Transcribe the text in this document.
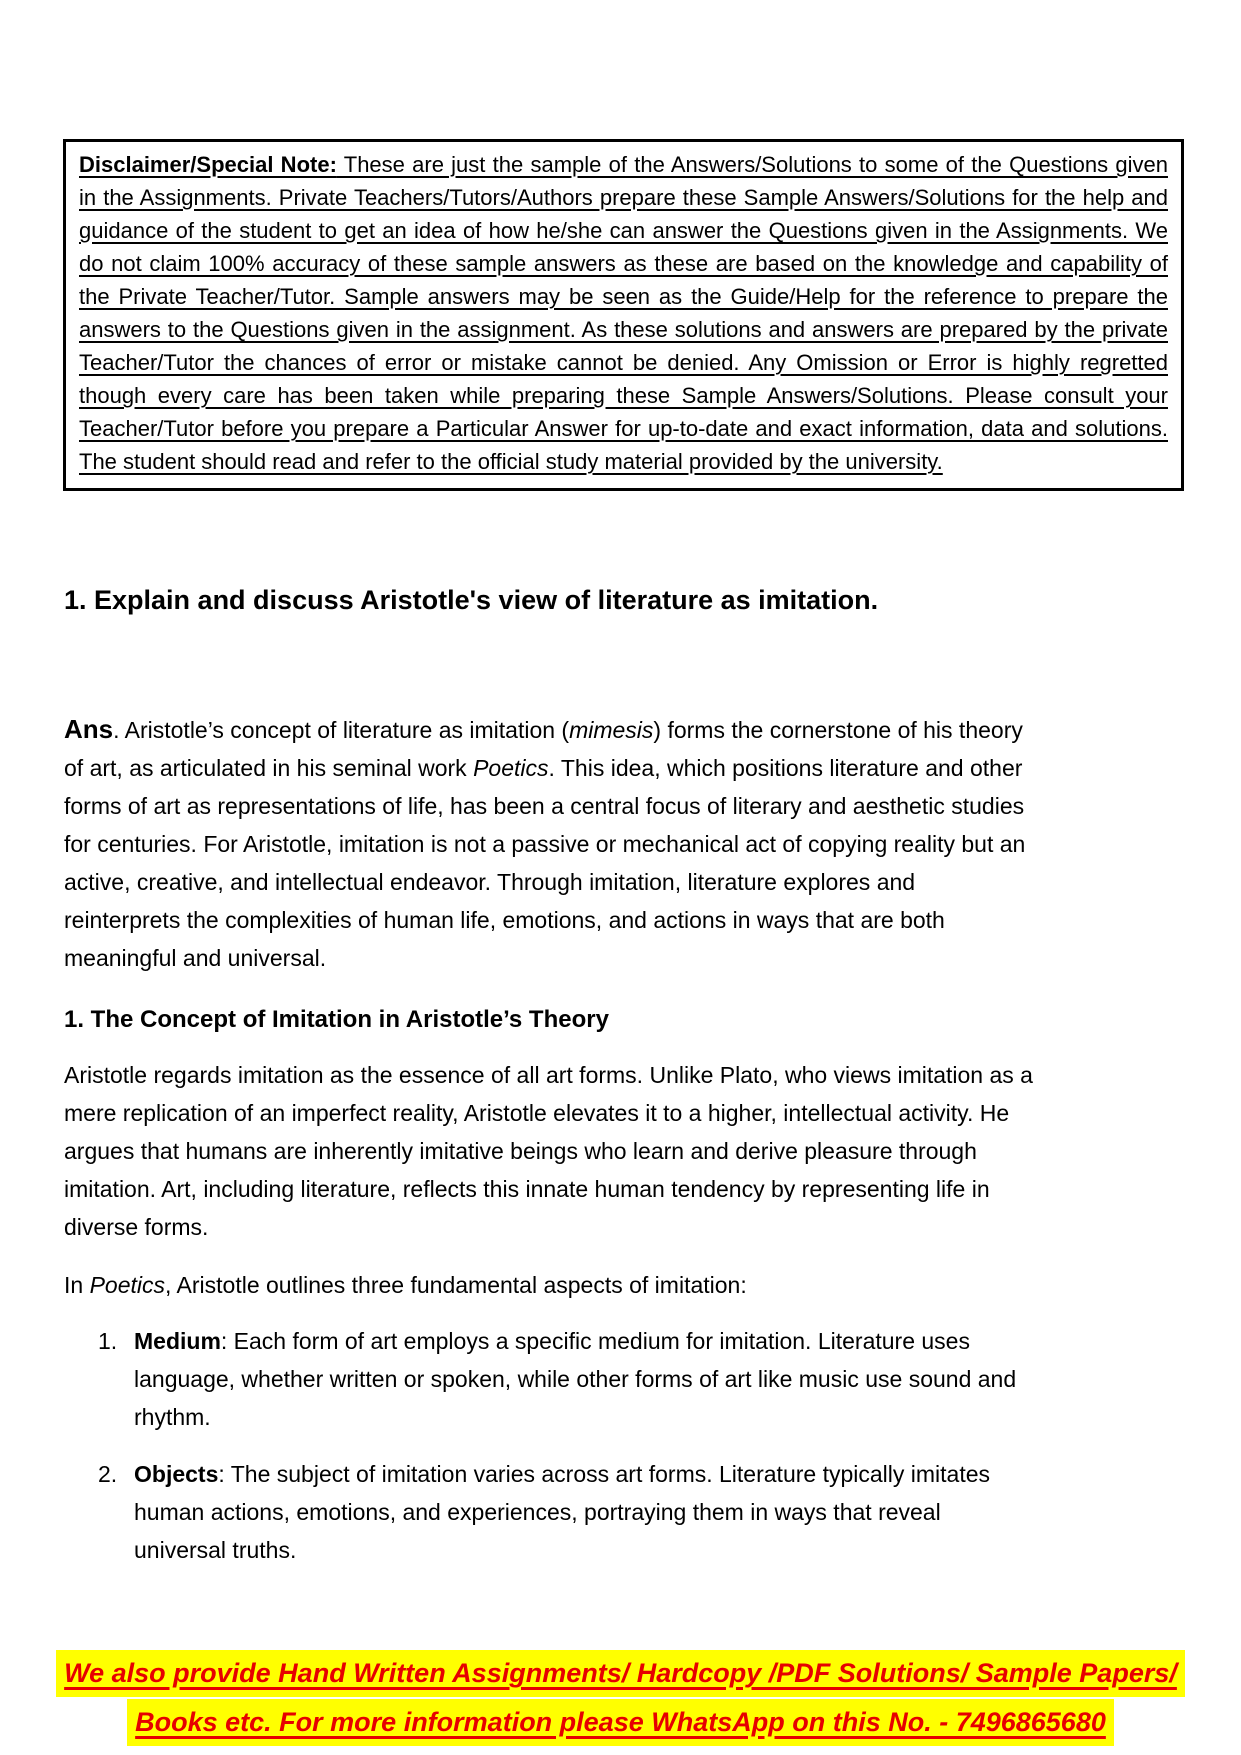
Disclaimer/Special Note: These are just the sample of the Answers/Solutions to some of the Questions given in the Assignments. Private Teachers/Tutors/Authors prepare these Sample Answers/Solutions for the help and guidance of the student to get an idea of how he/she can answer the Questions given in the Assignments. We do not claim 100% accuracy of these sample answers as these are based on the knowledge and capability of the Private Teacher/Tutor. Sample answers may be seen as the Guide/Help for the reference to prepare the answers to the Questions given in the assignment. As these solutions and answers are prepared by the private Teacher/Tutor the chances of error or mistake cannot be denied. Any Omission or Error is highly regretted though every care has been taken while preparing these Sample Answers/Solutions. Please consult your Teacher/Tutor before you prepare a Particular Answer for up-to-date and exact information, data and solutions. The student should read and refer to the official study material provided by the university.

1. Explain and discuss Aristotle's view of literature as imitation.

Ans. Aristotle’s concept of literature as imitation (mimesis) forms the cornerstone of his theory of art, as articulated in his seminal work Poetics. This idea, which positions literature and other forms of art as representations of life, has been a central focus of literary and aesthetic studies for centuries. For Aristotle, imitation is not a passive or mechanical act of copying reality but an active, creative, and intellectual endeavor. Through imitation, literature explores and reinterprets the complexities of human life, emotions, and actions in ways that are both meaningful and universal.

1. The Concept of Imitation in Aristotle’s Theory

Aristotle regards imitation as the essence of all art forms. Unlike Plato, who views imitation as a mere replication of an imperfect reality, Aristotle elevates it to a higher, intellectual activity. He argues that humans are inherently imitative beings who learn and derive pleasure through imitation. Art, including literature, reflects this innate human tendency by representing life in diverse forms.

In Poetics, Aristotle outlines three fundamental aspects of imitation:

1. Medium: Each form of art employs a specific medium for imitation. Literature uses language, whether written or spoken, while other forms of art like music use sound and rhythm.
2. Objects: The subject of imitation varies across art forms. Literature typically imitates human actions, emotions, and experiences, portraying them in ways that reveal universal truths.
We also provide Hand Written Assignments/ Hardcopy /PDF Solutions/ Sample Papers/
Books etc. For more information please WhatsApp on this No. - 7496865680
